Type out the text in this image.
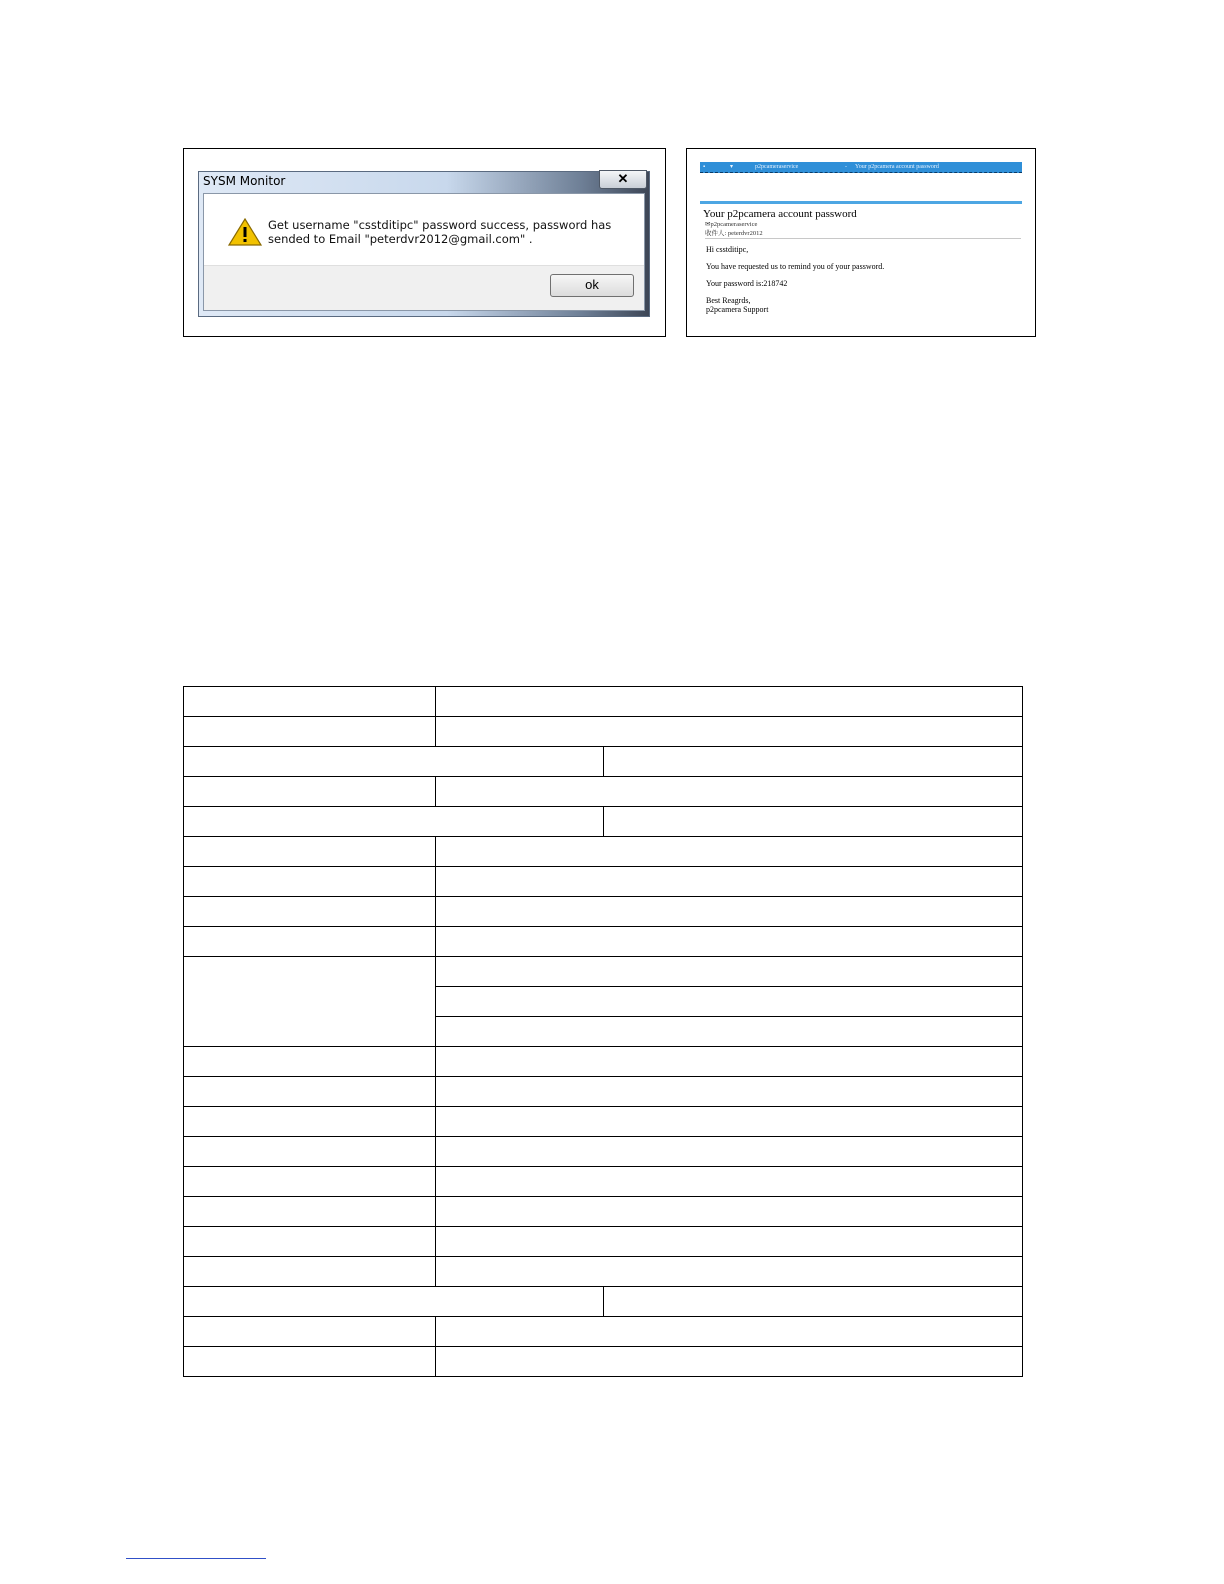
SYSM Monitor	✕
Get username "csstditipc" password success, password has
sended to Email "peterdvr2012@gmail.com" .
ok
▪	▾	p2pcameraservice	- Your p2pcamera account password
Your p2pcamera account password
✉p2pcameraservice
收件人: peterdvr2012
Hi csstditipc,
You have requested us to remind you of your password.
Your password is:218742
Best Reagrds,
p2pcamera Support
